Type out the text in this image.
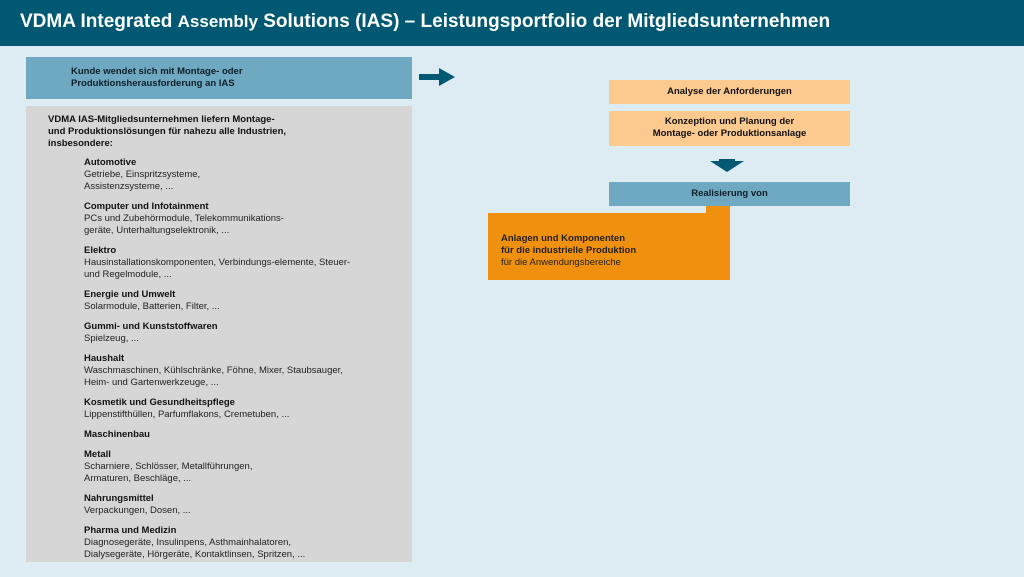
VDMA Integrated Assembly Solutions (IAS) – Leistungsportfolio der Mitgliedsunternehmen
Kunde wendet sich mit Montage- oder
Produktionsherausforderung an IAS
VDMA IAS-Mitgliedsunternehmen liefern Montage-
und Produktionslösungen für nahezu alle Industrien,
insbesondere:
Automotive
Getriebe, Einspritzsysteme,
Assistenzsysteme, ...
Computer und Infotainment
PCs und Zubehörmodule, Telekommunikations-
geräte, Unterhaltungselektronik, ...
Elektro
Hausinstallationskomponenten, Verbindungs-elemente, Steuer-
und Regelmodule, ...
Energie und Umwelt
Solarmodule, Batterien, Filter, ...
Gummi- und Kunststoffwaren
Spielzeug, ...
Haushalt
Waschmaschinen, Kühlschränke, Föhne, Mixer, Staubsauger,
Heim- und Gartenwerkzeuge, ...
Kosmetik und Gesundheitspflege
Lippenstifthüllen, Parfumflakons, Cremetuben, ...
Maschinenbau
Metall
Scharniere, Schlösser, Metallführungen,
Armaturen, Beschläge, ...
Nahrungsmittel
Verpackungen, Dosen, ...
Pharma und Medizin
Diagnosegeräte, Insulinpens, Asthmainhalatoren,
Dialysegeräte, Hörgeräte, Kontaktlinsen, Spritzen, ...
Analyse der Anforderungen
Konzeption und Planung der
Montage- oder Produktionsanlage
Realisierung von
Anlagen und Komponenten
für die industrielle Produktion
für die Anwendungsbereiche
